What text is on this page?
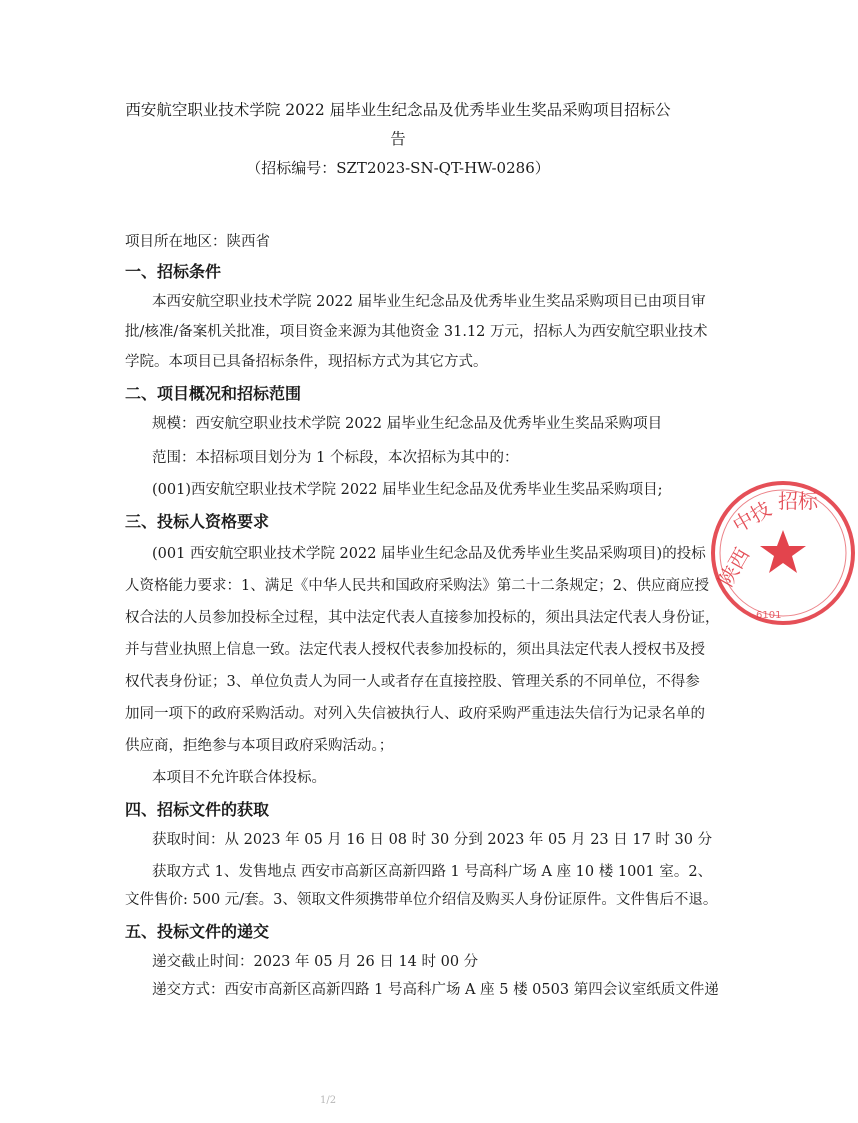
西安航空职业技术学院 2022 届毕业生纪念品及优秀毕业生奖品采购项目招标公
告
（招标编号：SZT2023-SN-QT-HW-0286）
项目所在地区：陕西省
一、招标条件
本西安航空职业技术学院 2022 届毕业生纪念品及优秀毕业生奖品采购项目已由项目审
批/核准/备案机关批准，项目资金来源为其他资金 31.12 万元，招标人为西安航空职业技术
学院。本项目已具备招标条件，现招标方式为其它方式。
二、项目概况和招标范围
规模：西安航空职业技术学院 2022 届毕业生纪念品及优秀毕业生奖品采购项目
范围：本招标项目划分为 1 个标段，本次招标为其中的：
(001)西安航空职业技术学院 2022 届毕业生纪念品及优秀毕业生奖品采购项目;
三、投标人资格要求
(001 西安航空职业技术学院 2022 届毕业生纪念品及优秀毕业生奖品采购项目)的投标
人资格能力要求：1、满足《中华人民共和国政府采购法》第二十二条规定；2、供应商应授
权合法的人员参加投标全过程，其中法定代表人直接参加投标的，须出具法定代表人身份证，
并与营业执照上信息一致。法定代表人授权代表参加投标的，须出具法定代表人授权书及授
权代表身份证；3、单位负责人为同一人或者存在直接控股、管理关系的不同单位，不得参
加同一项下的政府采购活动。对列入失信被执行人、政府采购严重违法失信行为记录名单的
供应商，拒绝参与本项目政府采购活动。；
本项目不允许联合体投标。
四、招标文件的获取
获取时间：从 2023 年 05 月 16 日 08 时 30 分到 2023 年 05 月 23 日 17 时 30 分
获取方式 1、发售地点 西安市高新区高新四路 1 号高科广场 A 座 10 楼 1001 室。2、
文件售价: 500 元/套。3、领取文件须携带单位介绍信及购买人身份证原件。文件售后不退。
五、投标文件的递交
递交截止时间：2023 年 05 月 26 日 14 时 00 分
递交方式：西安市高新区高新四路 1 号高科广场 A 座 5 楼 0503 第四会议室纸质文件递
1/2
陕西
中技 招标
6101
